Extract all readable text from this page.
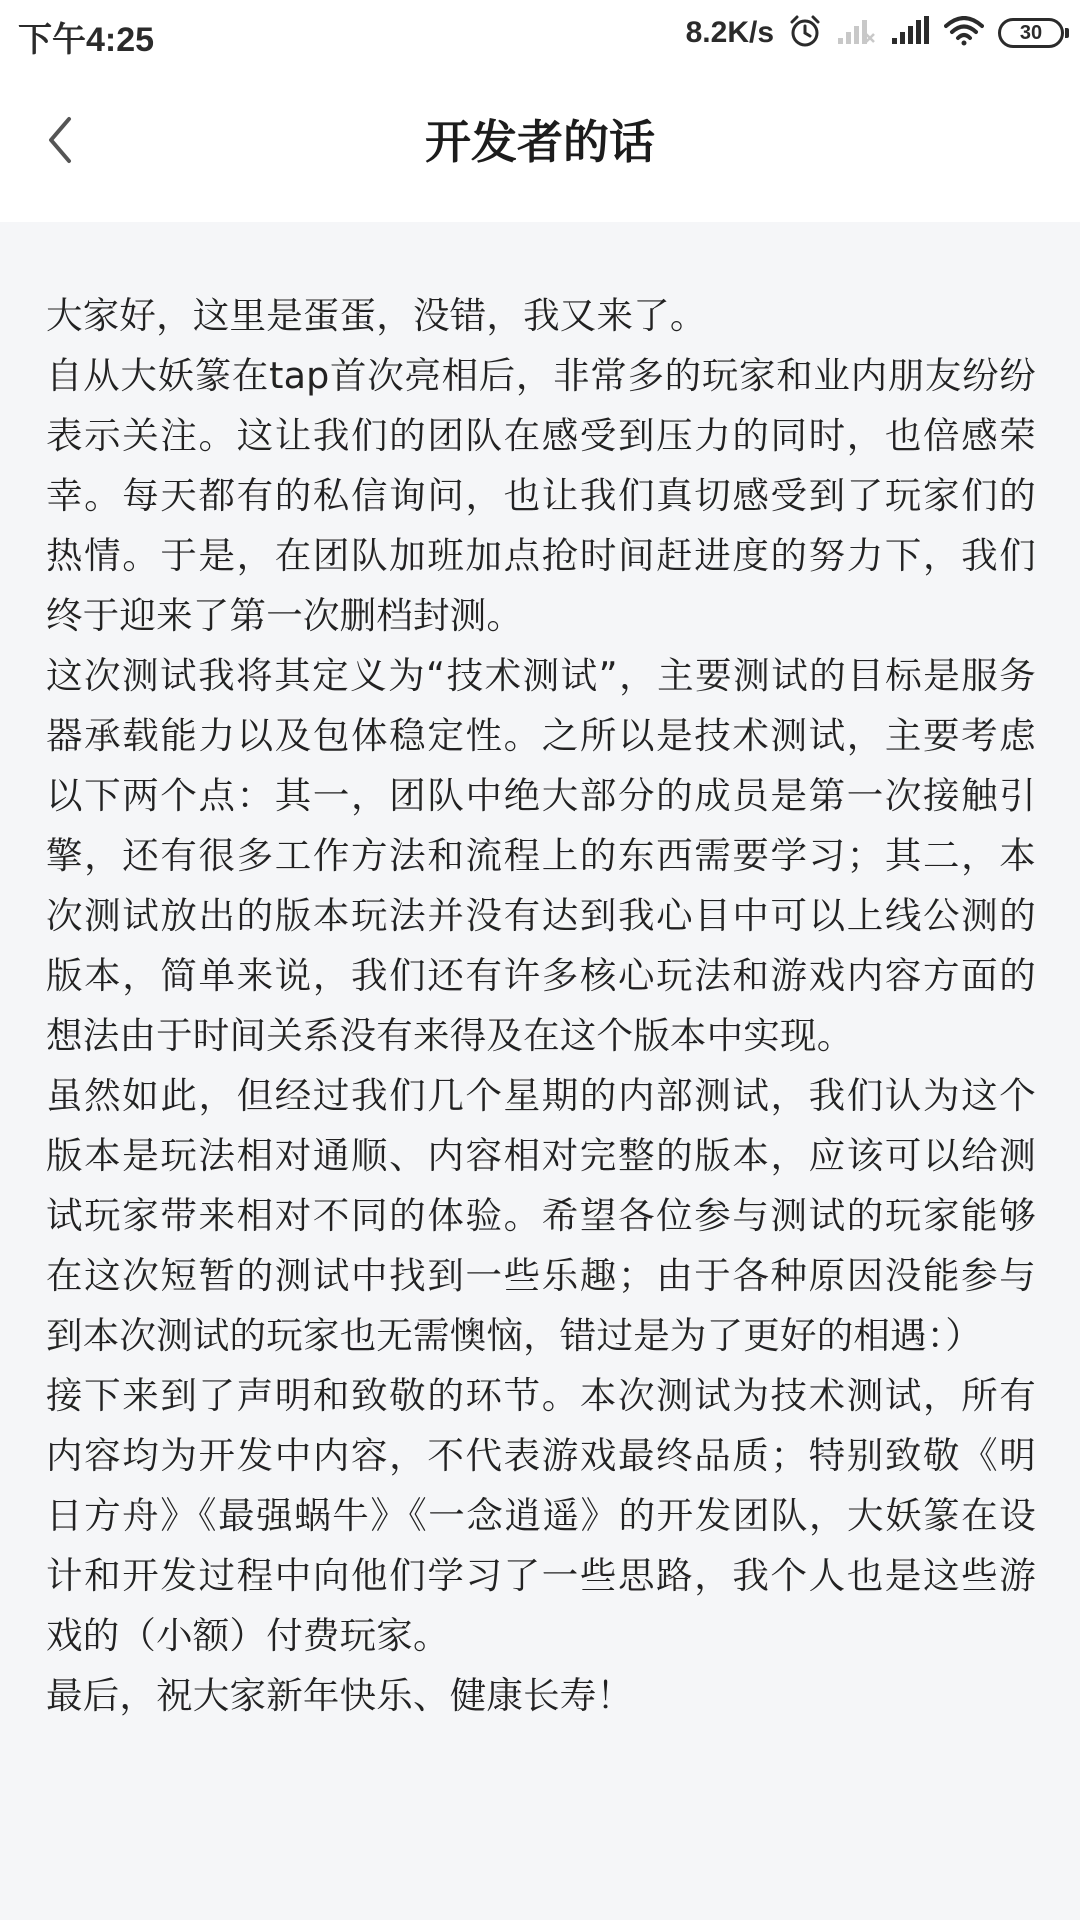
下午4:25	8.2K/s	30
开发者的话

大家好，这里是蛋蛋，没错，我又来了。

自从大妖篆在tap首次亮相后，非常多的玩家和业内朋友纷纷表示关注。这让我们的团队在感受到压力的同时，也倍感荣幸。每天都有的私信询问，也让我们真切感受到了玩家们的热情。于是，在团队加班加点抢时间赶进度的努力下，我们终于迎来了第一次删档封测。

这次测试我将其定义为“技术测试”，主要测试的目标是服务器承载能力以及包体稳定性。之所以是技术测试，主要考虑以下两个点：其一，团队中绝大部分的成员是第一次接触引擎，还有很多工作方法和流程上的东西需要学习；其二，本次测试放出的版本玩法并没有达到我心目中可以上线公测的版本，简单来说，我们还有许多核心玩法和游戏内容方面的想法由于时间关系没有来得及在这个版本中实现。

虽然如此，但经过我们几个星期的内部测试，我们认为这个版本是玩法相对通顺、内容相对完整的版本，应该可以给测试玩家带来相对不同的体验。希望各位参与测试的玩家能够在这次短暂的测试中找到一些乐趣；由于各种原因没能参与到本次测试的玩家也无需懊恼，错过是为了更好的相遇：）

接下来到了声明和致敬的环节。本次测试为技术测试，所有内容均为开发中内容，不代表游戏最终品质；特别致敬《明日方舟》《最强蜗牛》《一念逍遥》的开发团队，大妖篆在设计和开发过程中向他们学习了一些思路，我个人也是这些游戏的（小额）付费玩家。

最后，祝大家新年快乐、健康长寿！
